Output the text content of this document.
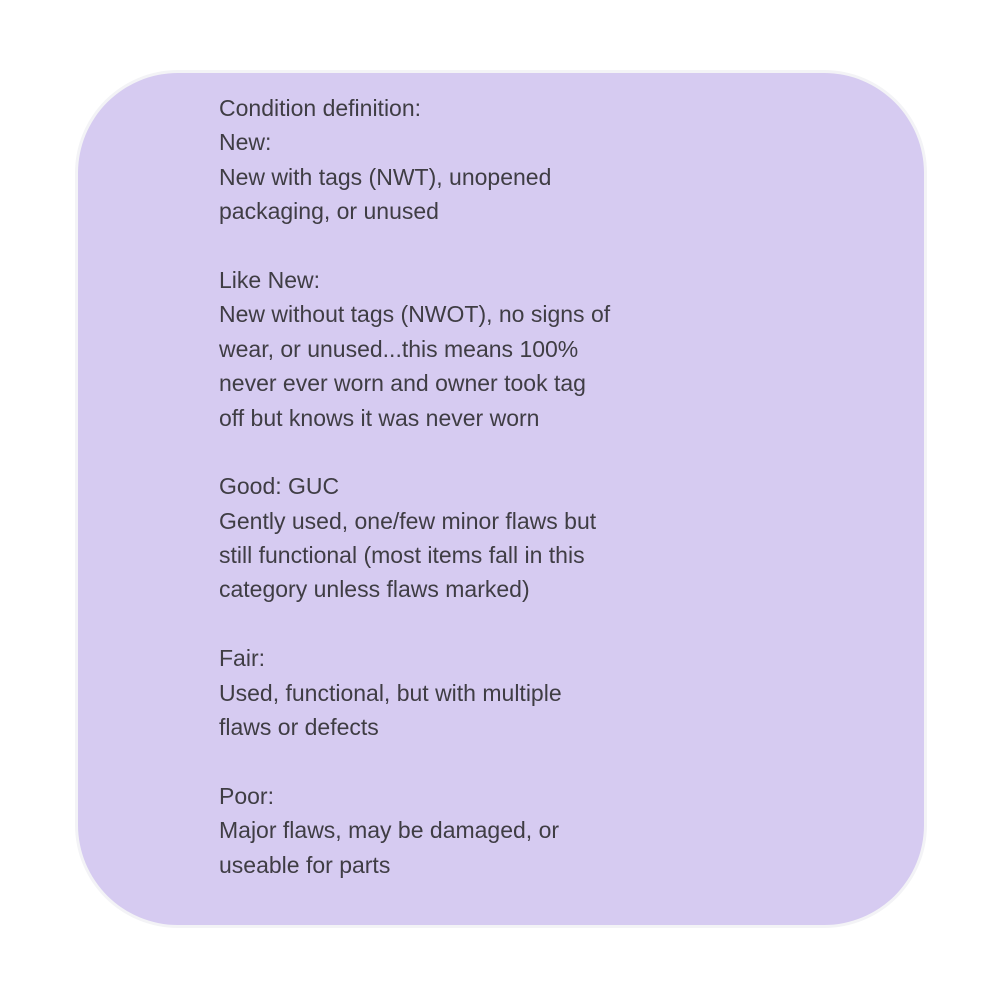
Condition definition:
New:
New with tags (NWT), unopened
packaging, or unused
Like New:
New without tags (NWOT), no signs of
wear, or unused...this means 100%
never ever worn and owner took tag
off but knows it was never worn
Good: GUC
Gently used, one/few minor flaws but
still functional (most items fall in this
category unless flaws marked)
Fair:
Used, functional, but with multiple
flaws or defects
Poor:
Major flaws, may be damaged, or
useable for parts
